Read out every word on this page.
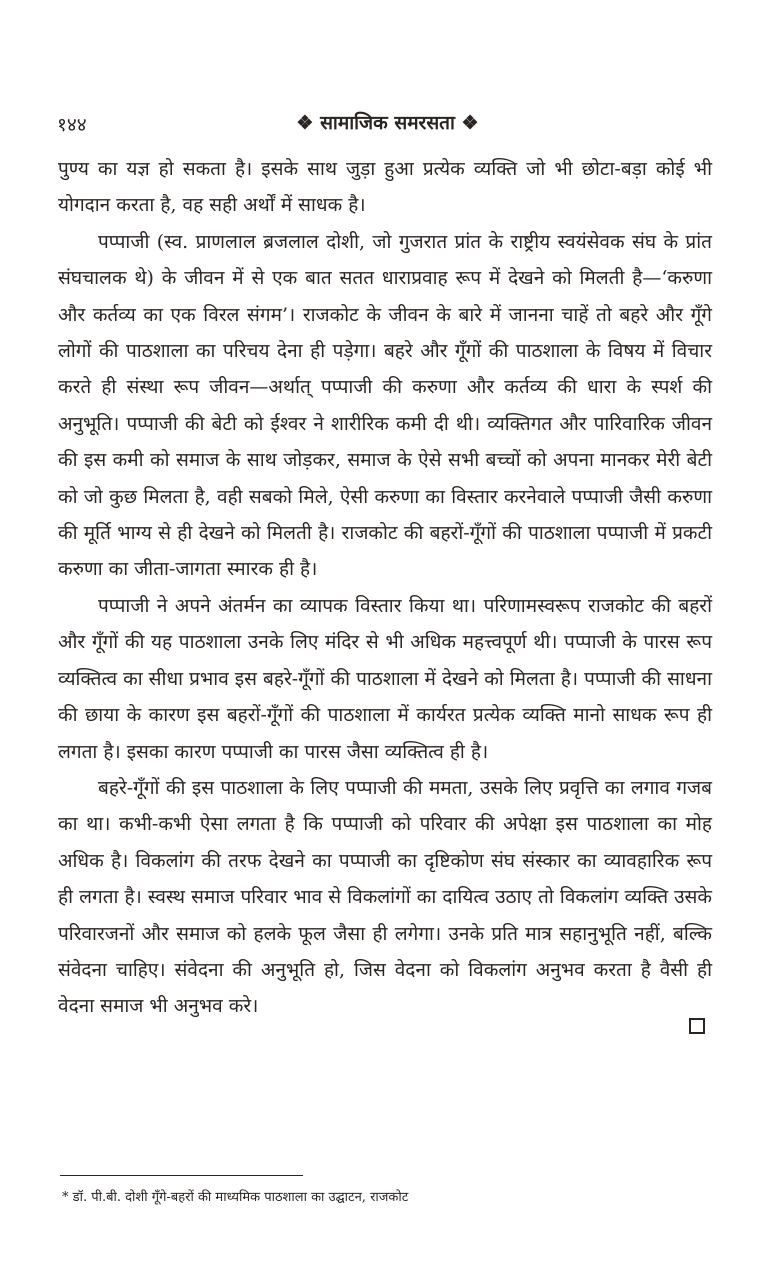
१४४	❖ सामाजिक समरसता ❖

पुण्य का यज्ञ हो सकता है। इसके साथ जुड़ा हुआ प्रत्येक व्यक्ति जो भी छोटा-बड़ा कोई भी योगदान करता है, वह सही अर्थों में साधक है।

पप्पाजी (स्व. प्राणलाल ब्रजलाल दोशी, जो गुजरात प्रांत के राष्ट्रीय स्वयंसेवक संघ के प्रांत संघचालक थे) के जीवन में से एक बात सतत धाराप्रवाह रूप में देखने को मिलती है—‘करुणा और कर्तव्य का एक विरल संगम’। राजकोट के जीवन के बारे में जानना चाहें तो बहरे और गूँगे लोगों की पाठशाला का परिचय देना ही पड़ेगा। बहरे और गूँगों की पाठशाला के विषय में विचार करते ही संस्था रूप जीवन—अर्थात् पप्पाजी की करुणा और कर्तव्य की धारा के स्पर्श की अनुभूति। पप्पाजी की बेटी को ईश्वर ने शारीरिक कमी दी थी। व्यक्तिगत और पारिवारिक जीवन की इस कमी को समाज के साथ जोड़कर, समाज के ऐसे सभी बच्चों को अपना मानकर मेरी बेटी को जो कुछ मिलता है, वही सबको मिले, ऐसी करुणा का विस्तार करनेवाले पप्पाजी जैसी करुणा की मूर्ति भाग्य से ही देखने को मिलती है। राजकोट की बहरों-गूँगों की पाठशाला पप्पाजी में प्रकटी करुणा का जीता-जागता स्मारक ही है।

पप्पाजी ने अपने अंतर्मन का व्यापक विस्तार किया था। परिणामस्वरूप राजकोट की बहरों और गूँगों की यह पाठशाला उनके लिए मंदिर से भी अधिक महत्त्वपूर्ण थी। पप्पाजी के पारस रूप व्यक्तित्व का सीधा प्रभाव इस बहरे-गूँगों की पाठशाला में देखने को मिलता है। पप्पाजी की साधना की छाया के कारण इस बहरों-गूँगों की पाठशाला में कार्यरत प्रत्येक व्यक्ति मानो साधक रूप ही लगता है। इसका कारण पप्पाजी का पारस जैसा व्यक्तित्व ही है।

बहरे-गूँगों की इस पाठशाला के लिए पप्पाजी की ममता, उसके लिए प्रवृत्ति का लगाव गजब का था। कभी-कभी ऐसा लगता है कि पप्पाजी को परिवार की अपेक्षा इस पाठशाला का मोह अधिक है। विकलांग की तरफ देखने का पप्पाजी का दृष्टिकोण संघ संस्कार का व्यावहारिक रूप ही लगता है। स्वस्थ समाज परिवार भाव से विकलांगों का दायित्व उठाए तो विकलांग व्यक्ति उसके परिवारजनों और समाज को हलके फूल जैसा ही लगेगा। उनके प्रति मात्र सहानुभूति नहीं, बल्कि संवेदना चाहिए। संवेदना की अनुभूति हो, जिस वेदना को विकलांग अनुभव करता है वैसी ही वेदना समाज भी अनुभव करे।

* डॉ. पी.बी. दोशी गूँगे-बहरों की माध्यमिक पाठशाला का उद्घाटन, राजकोट
